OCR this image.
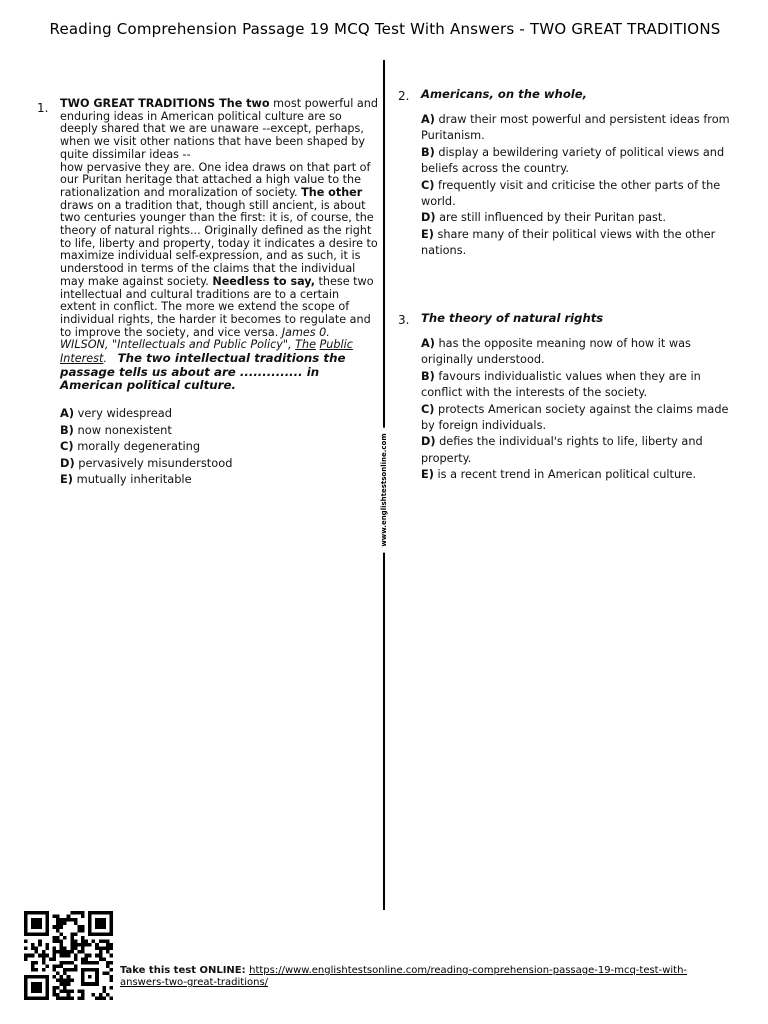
Reading Comprehension Passage 19 MCQ Test With Answers - TWO GREAT TRADITIONS
www.englishtestsonline.com
1. TWO GREAT TRADITIONS The two most powerful and enduring ideas in American political culture are so deeply shared that we are unaware --except, perhaps, when we visit other nations that have been shaped by quite dissimilar ideas --
how pervasive they are. One idea draws on that part of our Puritan heritage that attached a high value to the rationalization and moralization of society. The other draws on a tradition that, though still ancient, is about two centuries younger than the first: it is, of course, the theory of natural rights... Originally defined as the right to life, liberty and property, today it indicates a desire to maximize individual self-expression, and as such, it is understood in terms of the claims that the individual may make against society. Needless to say, these two intellectual and cultural traditions are to a certain extent in conflict. The more we extend the scope of individual rights, the harder it becomes to regulate and to improve the society, and vice versa. James 0. WILSON, "Intellectuals and Public Policy", The Public Interest. The two intellectual traditions the passage tells us about are .............. in American political culture.
A) very widespread
B) now nonexistent
C) morally degenerating
D) pervasively misunderstood
E) mutually inheritable
2. Americans, on the whole,
A) draw their most powerful and persistent ideas from Puritanism.
B) display a bewildering variety of political views and beliefs across the country.
C) frequently visit and criticise the other parts of the world.
D) are still influenced by their Puritan past.
E) share many of their political views with the other nations.
3. The theory of natural rights
A) has the opposite meaning now of how it was originally understood.
B) favours individualistic values when they are in conflict with the interests of the society.
C) protects American society against the claims made by foreign individuals.
D) defies the individual's rights to life, liberty and property.
E) is a recent trend in American political culture.
Take this test ONLINE: https://www.englishtestsonline.com/reading-comprehension-passage-19-mcq-test-with-answers-two-great-traditions/
